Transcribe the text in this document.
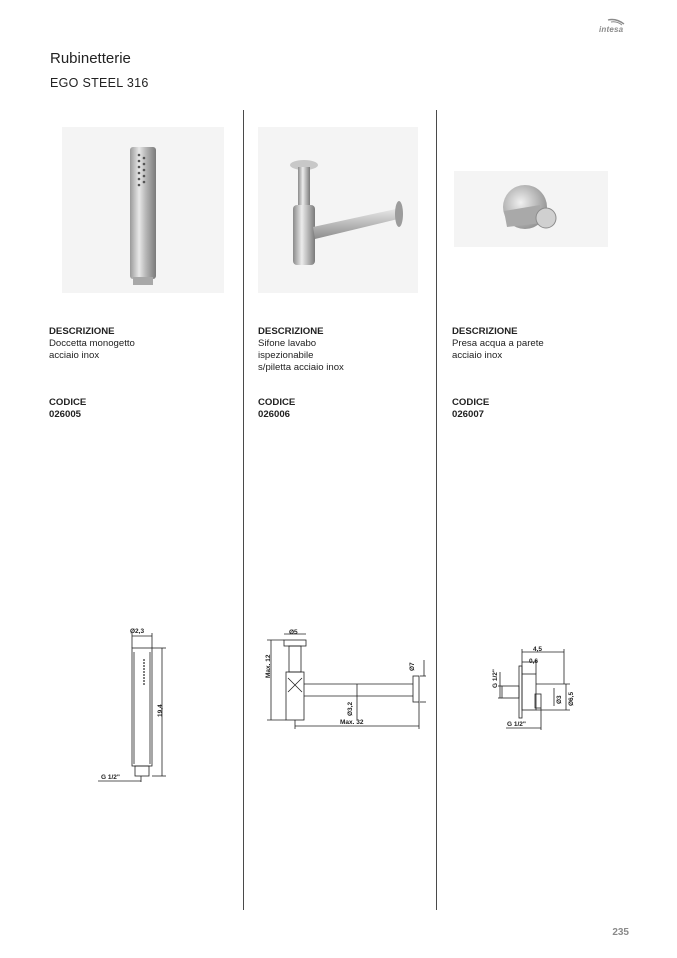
intesa
Rubinetterie
EGO STEEL 316
DESCRIZIONE
Doccetta monogetto
acciaio inox
CODICE
026005
DESCRIZIONE
Sifone lavabo
ispezionabile
s/piletta acciaio inox
CODICE
026006
DESCRIZIONE
Presa acqua a parete
acciaio inox
CODICE
026007
Ø2,3
19,4
G 1/2"
Ø5
Max. 12
Ø3,2
Ø7
Max. 32
4,5
0,6
G 1/2"
Ø3 Ø6,5
G 1/2"
235
